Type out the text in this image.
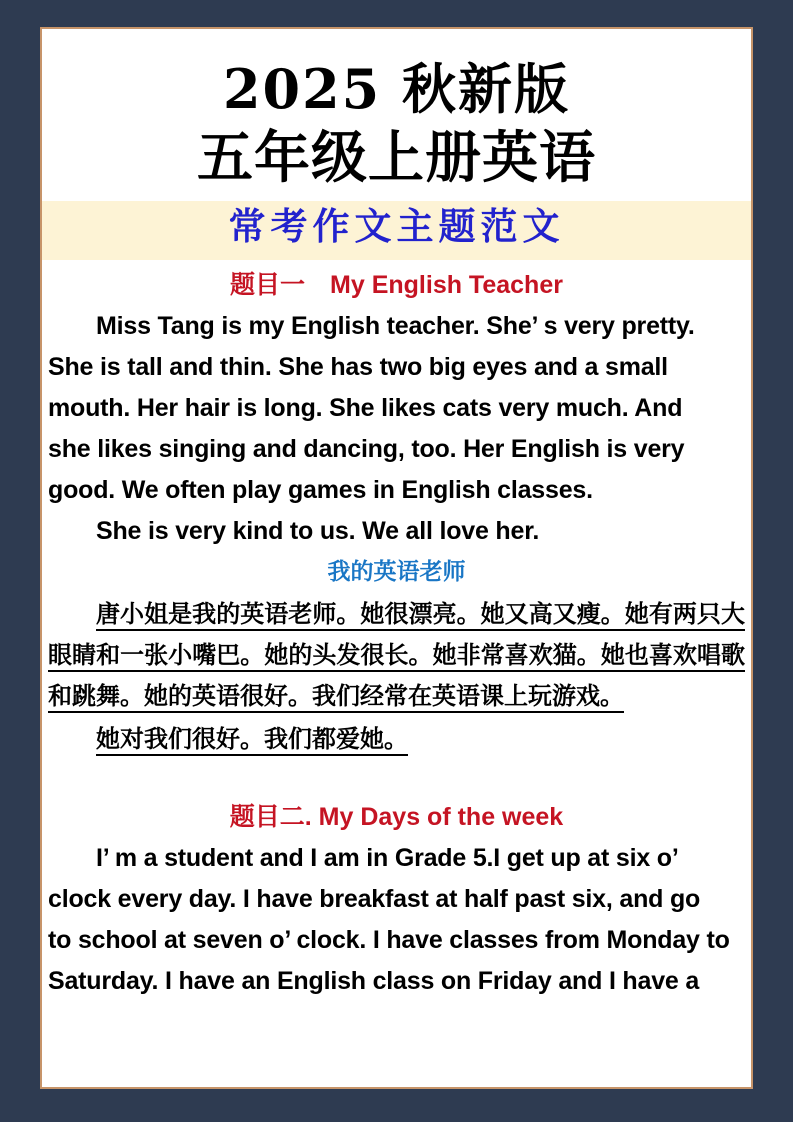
2025 秋新版
五年级上册英语
常考作文主题范文
题目一　My English Teacher
Miss Tang is my English teacher. She’ s very pretty.
She is tall and thin. She has two big eyes and a small
mouth. Her hair is long. She likes cats very much. And
she likes singing and dancing, too. Her English is very
good. We often play games in English classes.
She is very kind to us. We all love her.
我的英语老师
唐小姐是我的英语老师。她很漂亮。她又高又瘦。她有两只大
眼睛和一张小嘴巴。她的头发很长。她非常喜欢猫。她也喜欢唱歌
和跳舞。她的英语很好。我们经常在英语课上玩游戏。
她对我们很好。我们都爱她。
题目二. My Days of the week
I’ m a student and I am in Grade 5.I get up at six o’
clock every day. I have breakfast at half past six, and go
to school at seven o’ clock. I have classes from Monday to
Saturday. I have an English class on Friday and I have a
